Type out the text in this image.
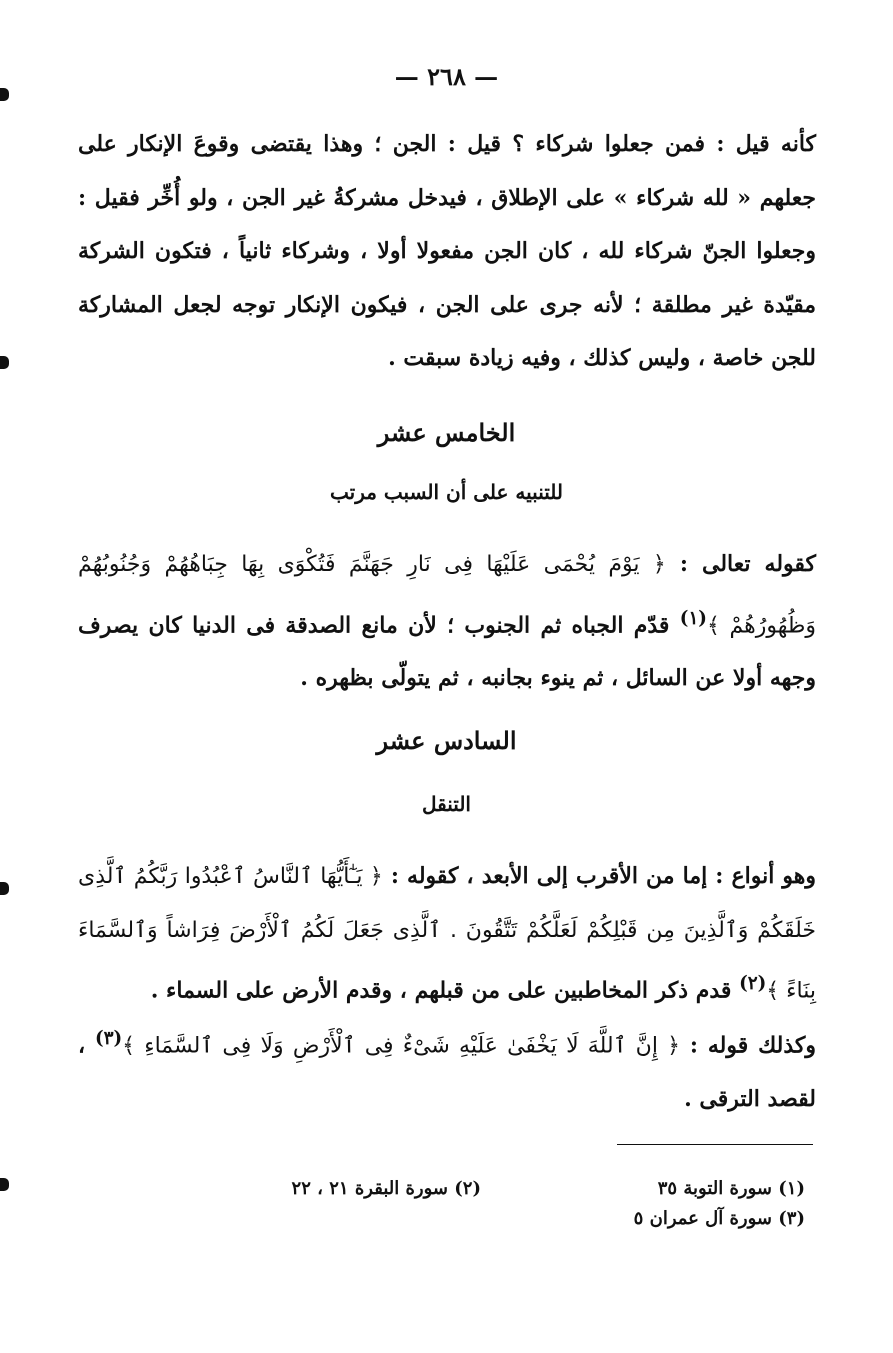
— ٢٦٨ —
كأنه قيل : فمن جعلوا شركاء ؟ قيل : الجن ؛ وهذا يقتضى وقوعَ الإنكار على جعلهم « لله شركاء » على الإطلاق ، فيدخل مشركةُ غير الجن ، ولو أُخِّر فقيل : وجعلوا الجنّ شركاء لله ، كان الجن مفعولا أولا ، وشركاء ثانياً ، فتكون الشركة مقيّدة غير مطلقة ؛ لأنه جرى على الجن ، فيكون الإنكار توجه لجعل المشاركة للجن خاصة ، وليس كذلك ، وفيه زيادة سبقت .
الخامس عشر
للتنبيه على أن السبب مرتب
كقوله تعالى : ﴿ يَوْمَ يُحْمَى عَلَيْهَا فِى نَارِ جَهَنَّمَ فَتُكْوَى بِهَا جِبَاهُهُمْ وَجُنُوبُهُمْ وَظُهُورُهُمْ ﴾$^{(١)}$ قدّم الجباه ثم الجنوب ؛ لأن مانع الصدقة فى الدنيا كان يصرف وجهه أولا عن السائل ، ثم ينوء بجانبه ، ثم يتولّى بظهره .
السادس عشر
التنقل
وهو أنواع : إما من الأقرب إلى الأبعد ، كقوله : ﴿ يَـٰٓأَيُّهَا ٱلنَّاسُ ٱعْبُدُوا رَبَّكُمُ ٱلَّذِى خَلَقَكُمْ وَٱلَّذِينَ مِن قَبْلِكُمْ لَعَلَّكُمْ تَتَّقُونَ . ٱلَّذِى جَعَلَ لَكُمُ ٱلْأَرْضَ فِرَاشاً وَٱلسَّمَاءَ بِنَاءً ﴾$^{(٢)}$ قدم ذكر المخاطبين على من قبلهم ، وقدم الأرض على السماء .
وكذلك قوله : ﴿ إِنَّ ٱللَّهَ لَا يَخْفَىٰ عَلَيْهِ شَىْءٌ فِى ٱلْأَرْضِ وَلَا فِى ٱلسَّمَاءِ ﴾$^{(٣)}$ ، لقصد الترقى .
(١) سورة التوبة ٣٥
(٢) سورة البقرة ٢١ ، ٢٢
(٣) سورة آل عمران ٥
